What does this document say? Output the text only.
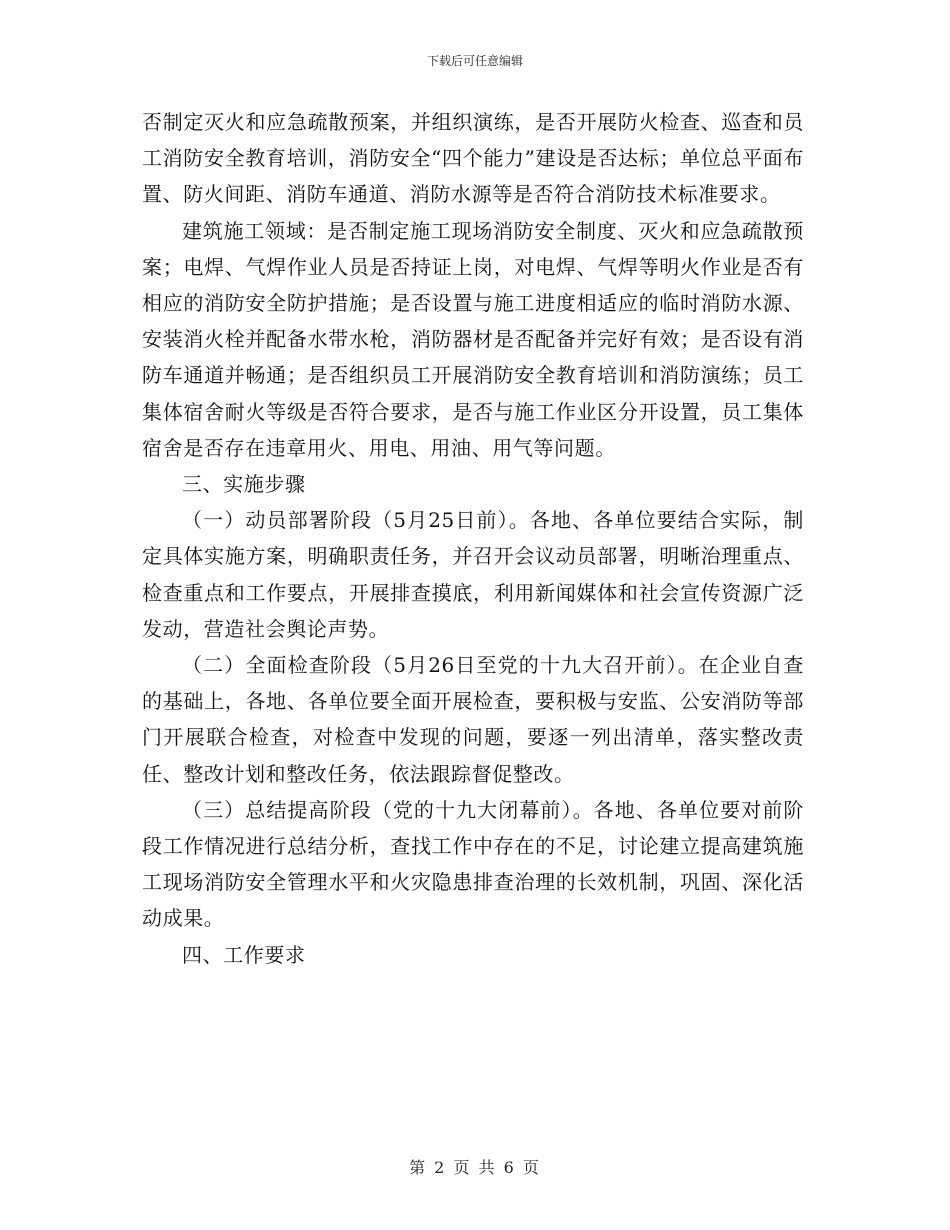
下载后可任意编辑

否制定灭火和应急疏散预案，并组织演练，是否开展防火检查、巡查和员工消防安全教育培训，消防安全“四个能力”建设是否达标；单位总平面布置、防火间距、消防车通道、消防水源等是否符合消防技术标准要求。

建筑施工领域：是否制定施工现场消防安全制度、灭火和应急疏散预案；电焊、气焊作业人员是否持证上岗，对电焊、气焊等明火作业是否有相应的消防安全防护措施；是否设置与施工进度相适应的临时消防水源、安装消火栓并配备水带水枪，消防器材是否配备并完好有效；是否设有消防车通道并畅通；是否组织员工开展消防安全教育培训和消防演练；员工集体宿舍耐火等级是否符合要求，是否与施工作业区分开设置，员工集体宿舍是否存在违章用火、用电、用油、用气等问题。

三、实施步骤

（一）动员部署阶段（5月25日前）。各地、各单位要结合实际，制定具体实施方案，明确职责任务，并召开会议动员部署，明晰治理重点、检查重点和工作要点，开展排查摸底，利用新闻媒体和社会宣传资源广泛发动，营造社会舆论声势。

（二）全面检查阶段（5月26日至党的十九大召开前）。在企业自查的基础上，各地、各单位要全面开展检查，要积极与安监、公安消防等部门开展联合检查，对检查中发现的问题，要逐一列出清单，落实整改责任、整改计划和整改任务，依法跟踪督促整改。

（三）总结提高阶段（党的十九大闭幕前）。各地、各单位要对前阶段工作情况进行总结分析，查找工作中存在的不足，讨论建立提高建筑施工现场消防安全管理水平和火灾隐患排查治理的长效机制，巩固、深化活动成果。

四、工作要求

第 2 页 共 6 页
